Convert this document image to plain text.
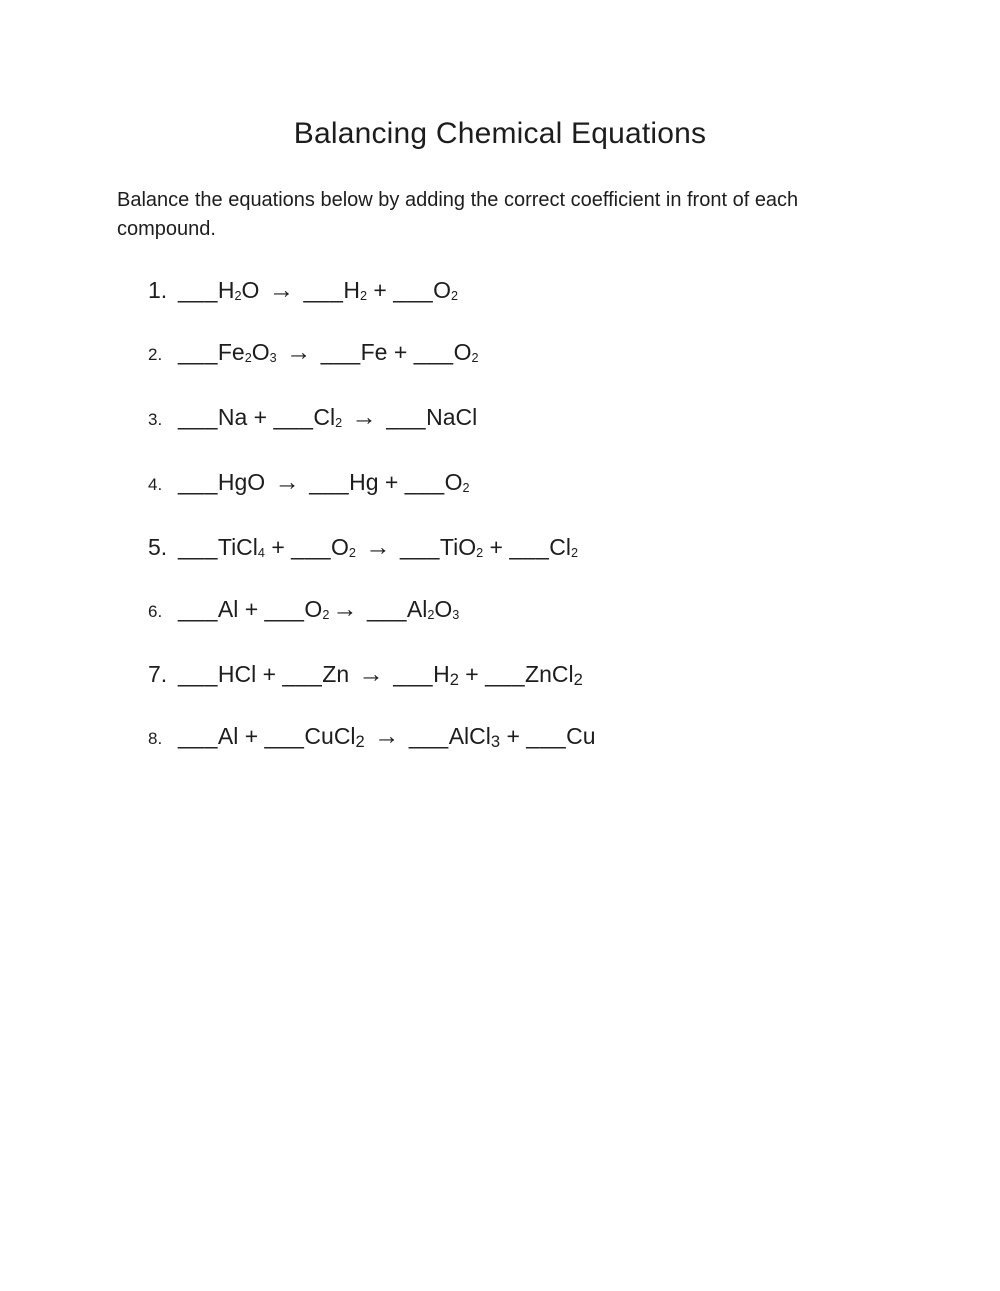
Balancing Chemical Equations

Balance the equations below by adding the correct coefficient in front of each compound.

1. $\_\_\_H_2O$ → $\_\_\_H_2$ + $\_\_\_O_2$
2. $\_\_\_Fe_2O_3$ → ___Fe + $\_\_\_O_2$
3. ___Na + $\_\_\_Cl_2$ → ___NaCl
4. ___HgO → ___Hg + $\_\_\_O_2$
5. ___TiCl$_4$ + $\_\_\_O_2$ → ___TiO$_2$ + $\_\_\_Cl_2$
6. ___Al + $\_\_\_O_2$ → $\_\_\_Al_2O_3$
7. ___HCl + ___Zn → $\_\_\_H_2$ + ___ZnCl$_2$
8. ___Al + ___CuCl$_2$ → ___AlCl$_3$ + ___Cu
